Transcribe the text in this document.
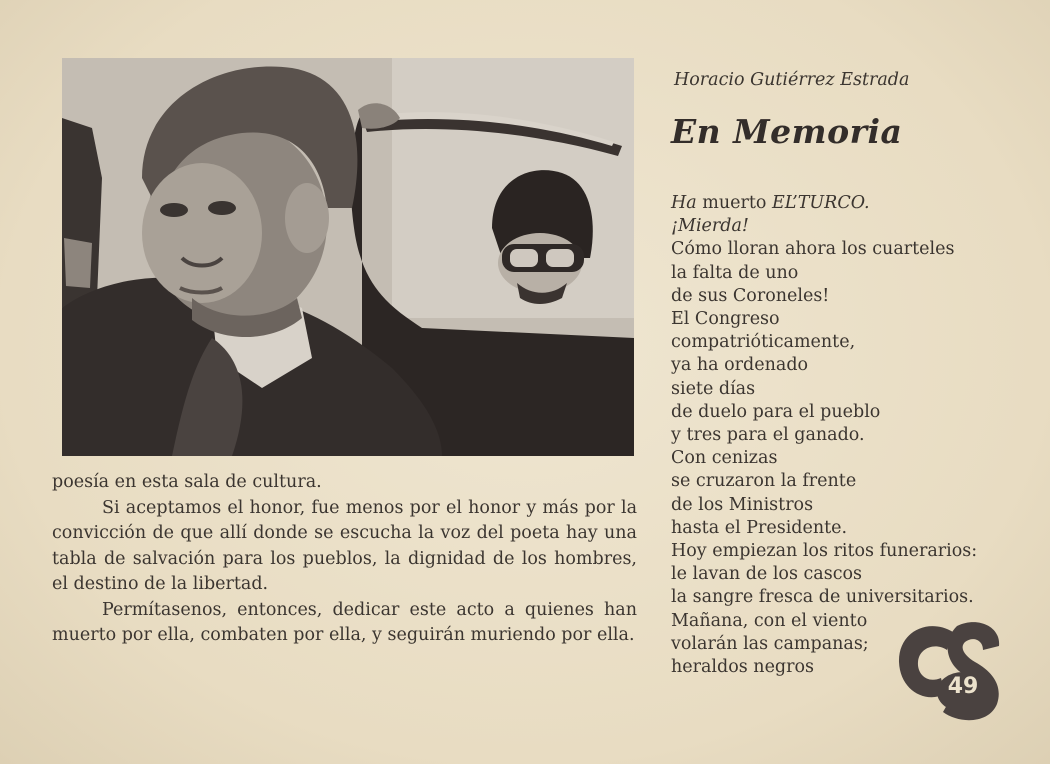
poesía en esta sala de cultura.

Si aceptamos el honor, fue menos por el honor y más por la convicción de que allí donde se escucha la voz del poeta hay una tabla de salvación para los pueblos, la dignidad de los hombres, el destino de la libertad.

Permítasenos, entonces, dedicar este acto a quienes han muerto por ella, combaten por ella, y seguirán muriendo por ella.

Horacio Gutiérrez Estrada
En Memoria
Ha muerto EL’TURCO.
¡Mierda!
Cómo lloran ahora los cuarteles
la falta de uno
de sus Coroneles!
El Congreso
compatrióticamente,
ya ha ordenado
siete días
de duelo para el pueblo
y tres para el ganado.
Con cenizas
se cruzaron la frente
de los Ministros
hasta el Presidente.
Hoy empiezan los ritos funerarios:
le lavan de los cascos
la sangre fresca de universitarios.
Mañana, con el viento
volarán las campanas;
heraldos negros
49
